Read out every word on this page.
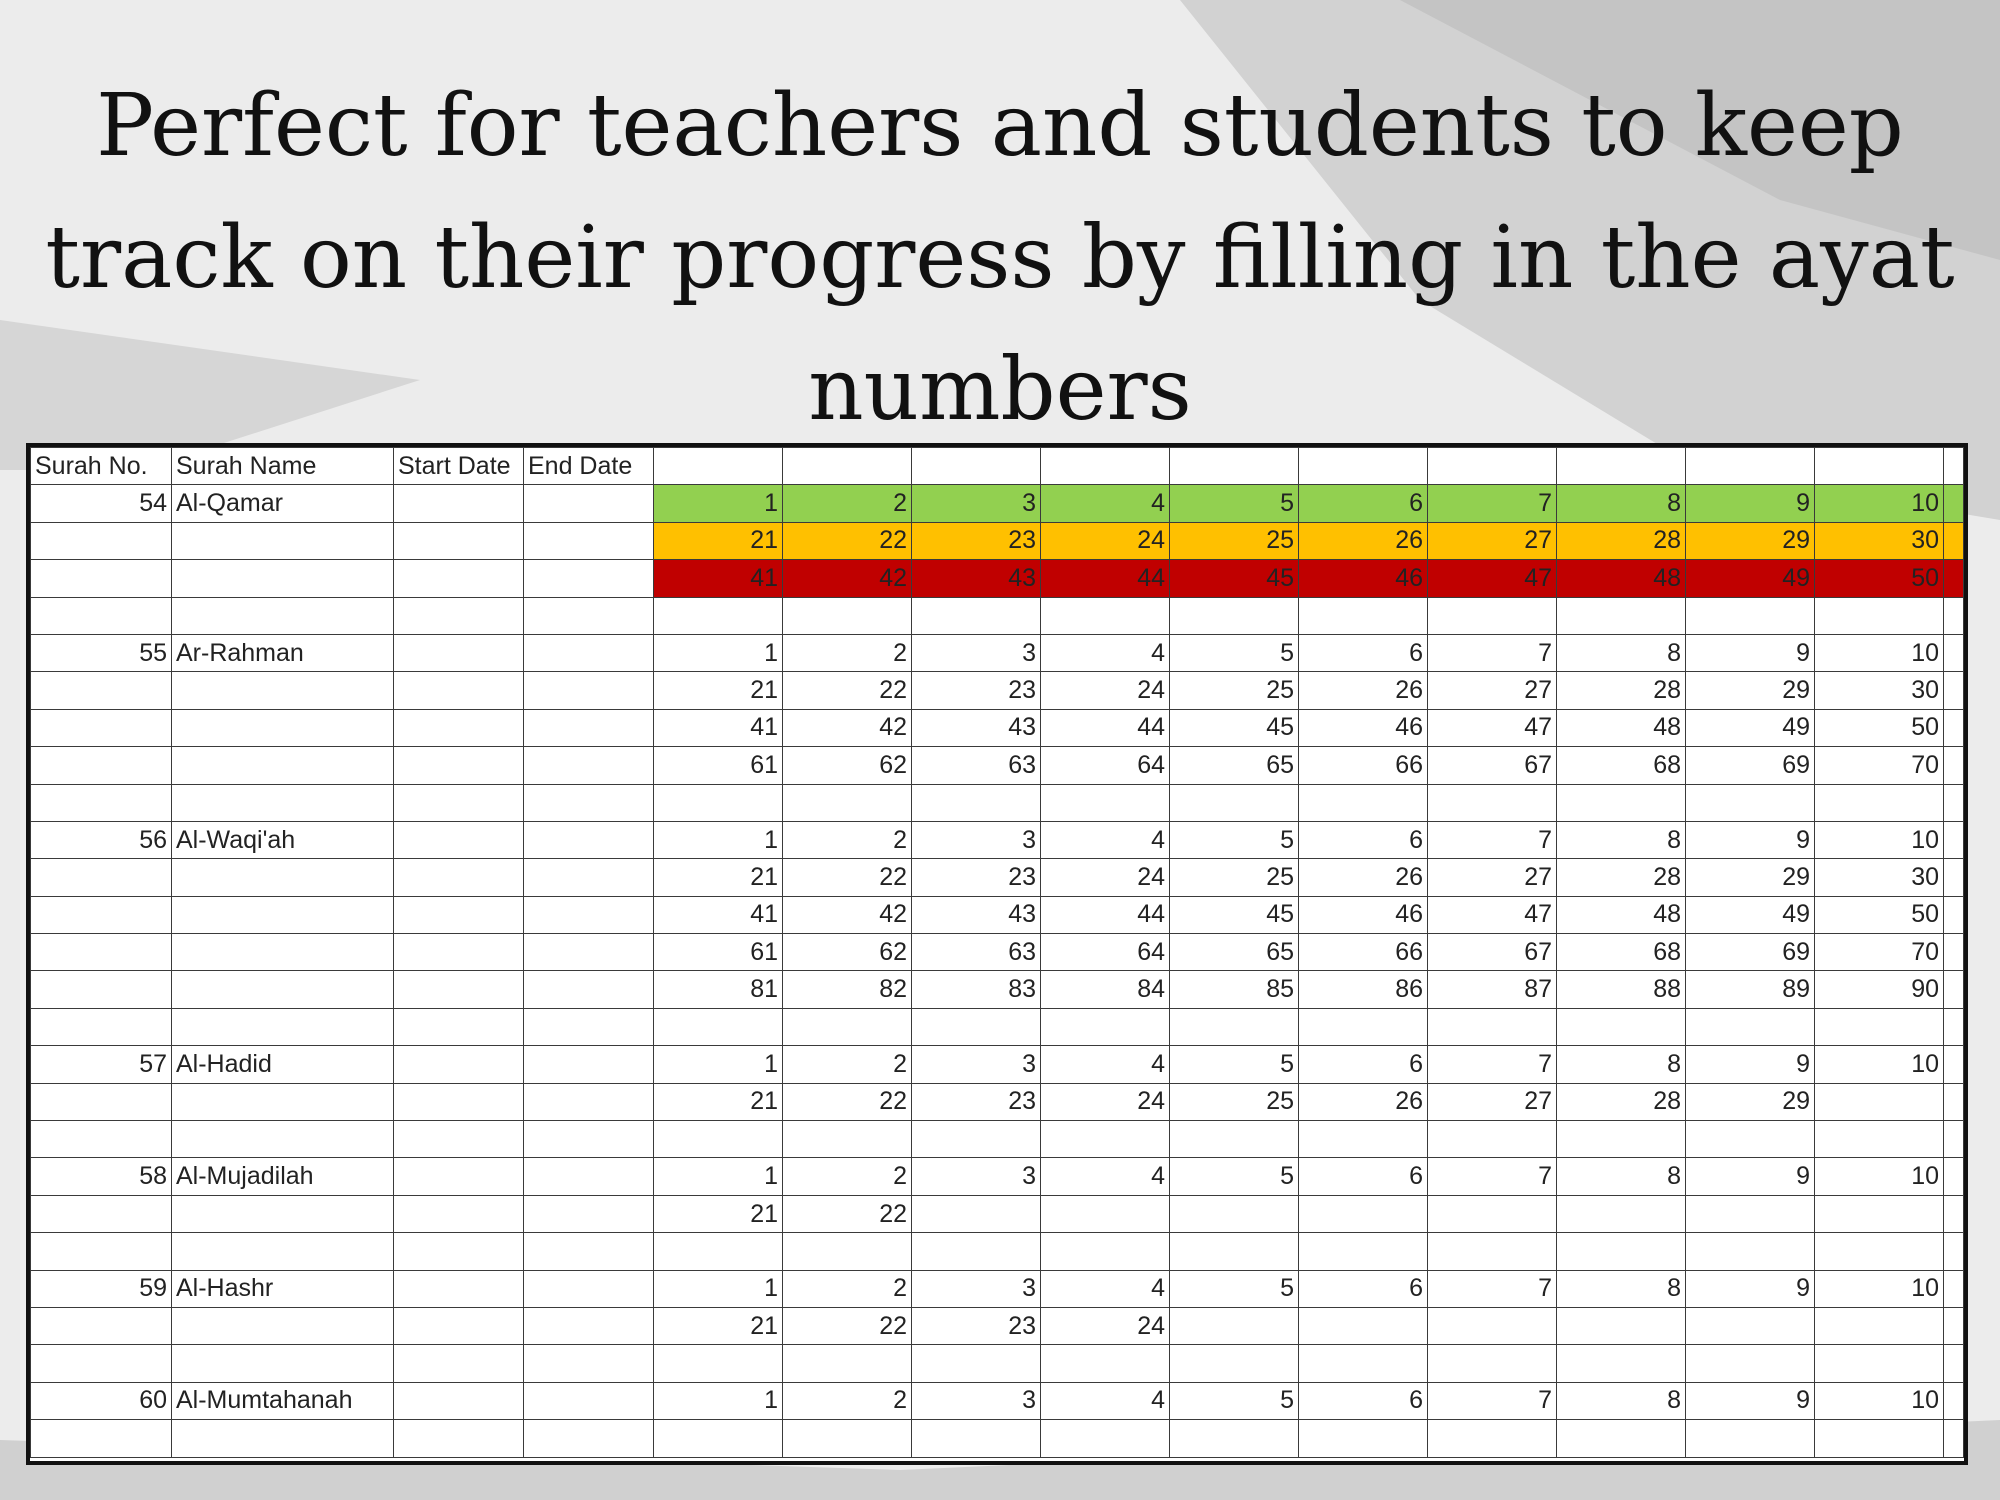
Perfect for teachers and students to keep
track on their progress by filling in the ayat
numbers
Surah No.	Surah Name	Start Date	End Date											
54	Al-Qamar			1	2	3	4	5	6	7	8	9	10	
				21	22	23	24	25	26	27	28	29	30	
				41	42	43	44	45	46	47	48	49	50	

55	Ar-Rahman			1	2	3	4	5	6	7	8	9	10	
				21	22	23	24	25	26	27	28	29	30	
				41	42	43	44	45	46	47	48	49	50	
				61	62	63	64	65	66	67	68	69	70	

56	Al-Waqi'ah			1	2	3	4	5	6	7	8	9	10	
				21	22	23	24	25	26	27	28	29	30	
				41	42	43	44	45	46	47	48	49	50	
				61	62	63	64	65	66	67	68	69	70	
				81	82	83	84	85	86	87	88	89	90	

57	Al-Hadid			1	2	3	4	5	6	7	8	9	10	
				21	22	23	24	25	26	27	28	29		

58	Al-Mujadilah			1	2	3	4	5	6	7	8	9	10	
				21	22									

59	Al-Hashr			1	2	3	4	5	6	7	8	9	10	
				21	22	23	24							

60	Al-Mumtahanah			1	2	3	4	5	6	7	8	9	10	
